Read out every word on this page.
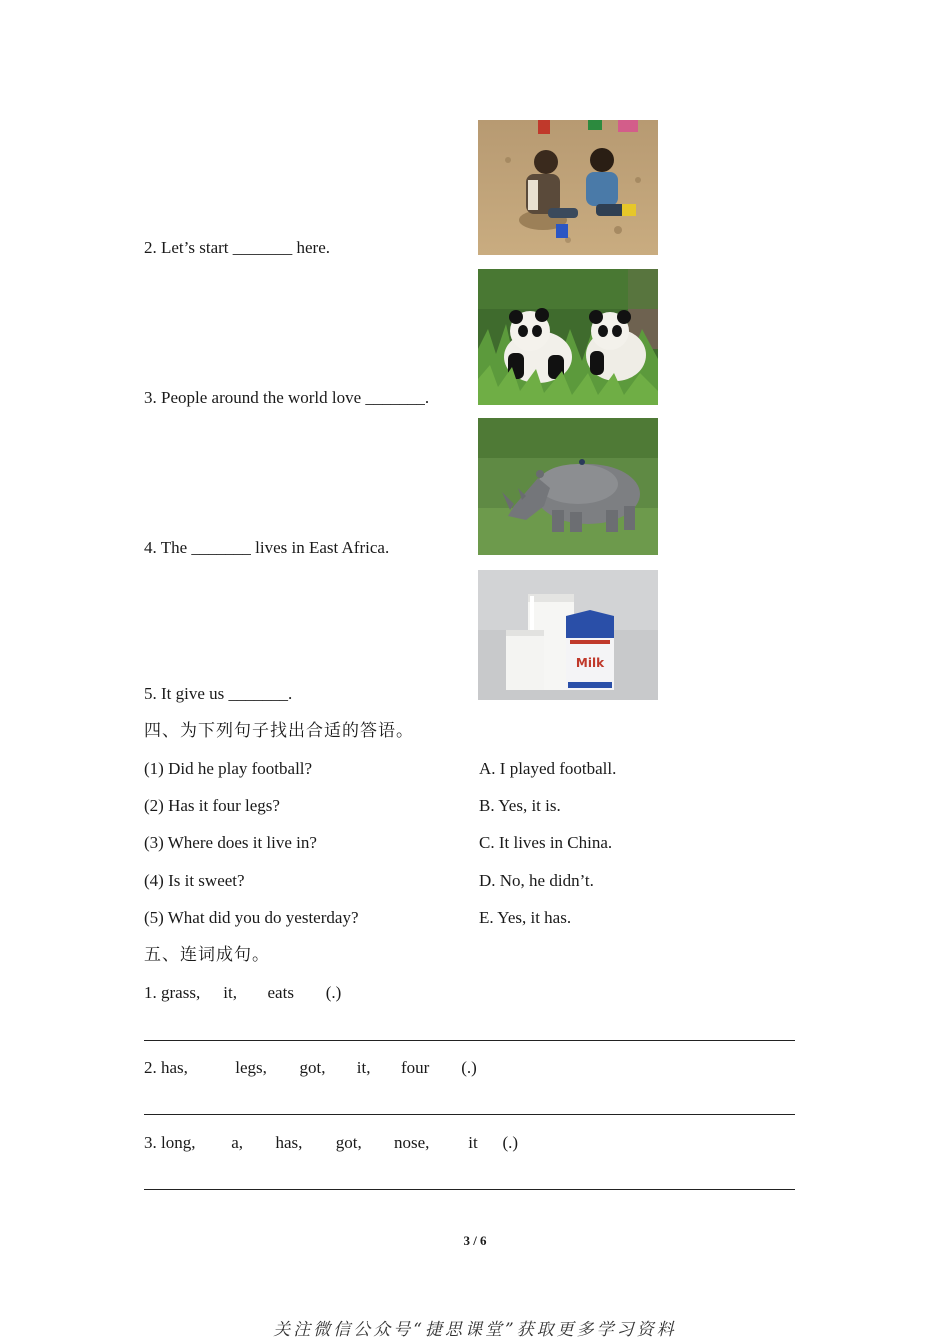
2. Let’s start _______ here.
3. People around the world love _______.
4. The _______ lives in East Africa.
5. It give us _______.
Milk
四、为下列句子找出合适的答语。
(1) Did he play football?
(2) Has it four legs?
(3) Where does it live in?
(4) Is it sweet?
(5) What did you do yesterday?
A. I played football.
B. Yes, it is.
C. It lives in China.
D. No, he didn’t.
E. Yes, it has.
五、连词成句。
1. grass, it, eats (.)
2. has,	legs, got, it, four (.)
3. long, a, has, got, nose, it (.)
3 / 6
关注微信公众号“捷思课堂”获取更多学习资料
